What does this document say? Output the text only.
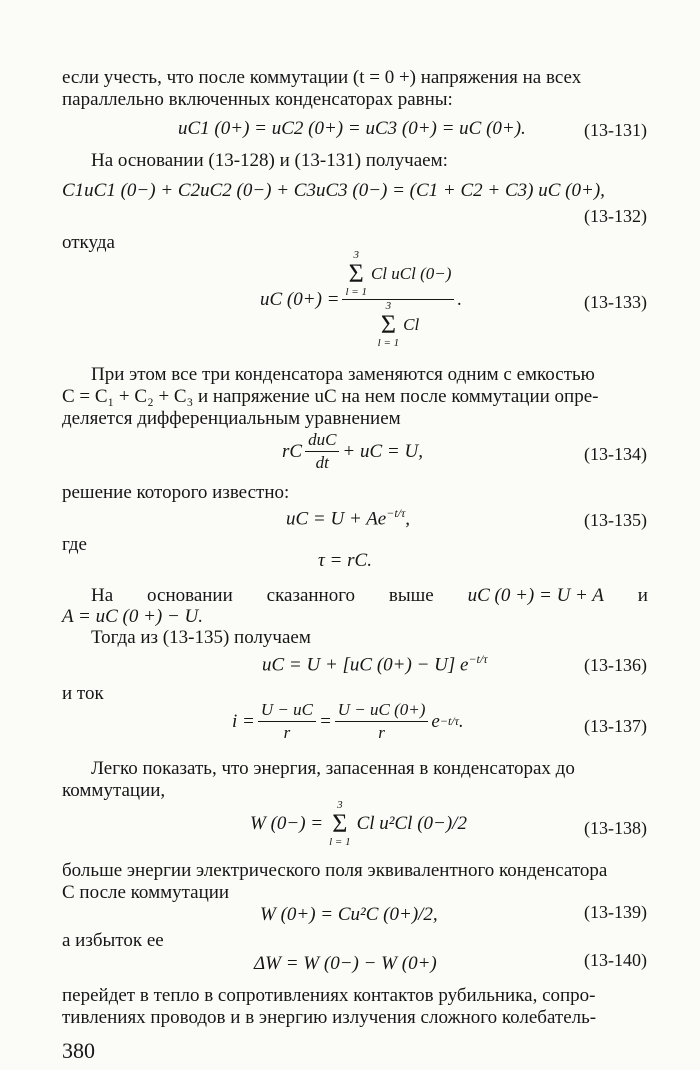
если учесть, что после коммутации (t = 0 +) напряжения на всех
параллельно включенных конденсаторах равны:
uC1 (0+) = uC2 (0+) = uC3 (0+) = uC (0+).	(13-131)
На основании (13-128) и (13-131) получаем:
C1uC1 (0−) + C2uC2 (0−) + C3uC3 (0−) = (C1 + C2 + C3) uC (0+),
(13-132)
откуда
uC (0+) = 3
Σ
l = 1
Cl uCl (0−)
3
Σ
l = 1
Cl .	(13-133)
При этом все три конденсатора заменяются одним с емкостью
C = C₁ + C₂ + C₃ и напряжение uC на нем после коммутации опре-
деляется дифференциальным уравнением
rC $\frac{\text{duC}}{dt}$ + uC = U,	(13-134)
решение которого известно:
uC = $U + Ae^{-t/\tau}$,	(13-135)
где
τ = rC.
На основании сказанного выше uC (0 +) = U + A и
A = uC (0 +) − U.
Тогда из (13-135) получаем
uC = U + [uC (0+) − U] $e^{-t/\tau}$	(13-136)
и ток
$i = \frac{U - uC}{r} = \frac{U - uC (0+)}{r}$ e −t/τ .	(13-137)
Легко показать, что энергия, запасенная в конденсаторах до
коммутации,
W (0−) =
3
Σ
l = 1
Cl u²Cl (0−)/2	(13-138)
больше энергии электрического поля эквивалентного конденсатора
C после коммутации
W (0+) = Cu²C (0+)/2,	(13-139)
а избыток ее
ΔW = W (0−) − W (0+)	(13-140)
перейдет в тепло в сопротивлениях контактов рубильника, сопро-
тивлениях проводов и в энергию излучения сложного колебатель-
380
